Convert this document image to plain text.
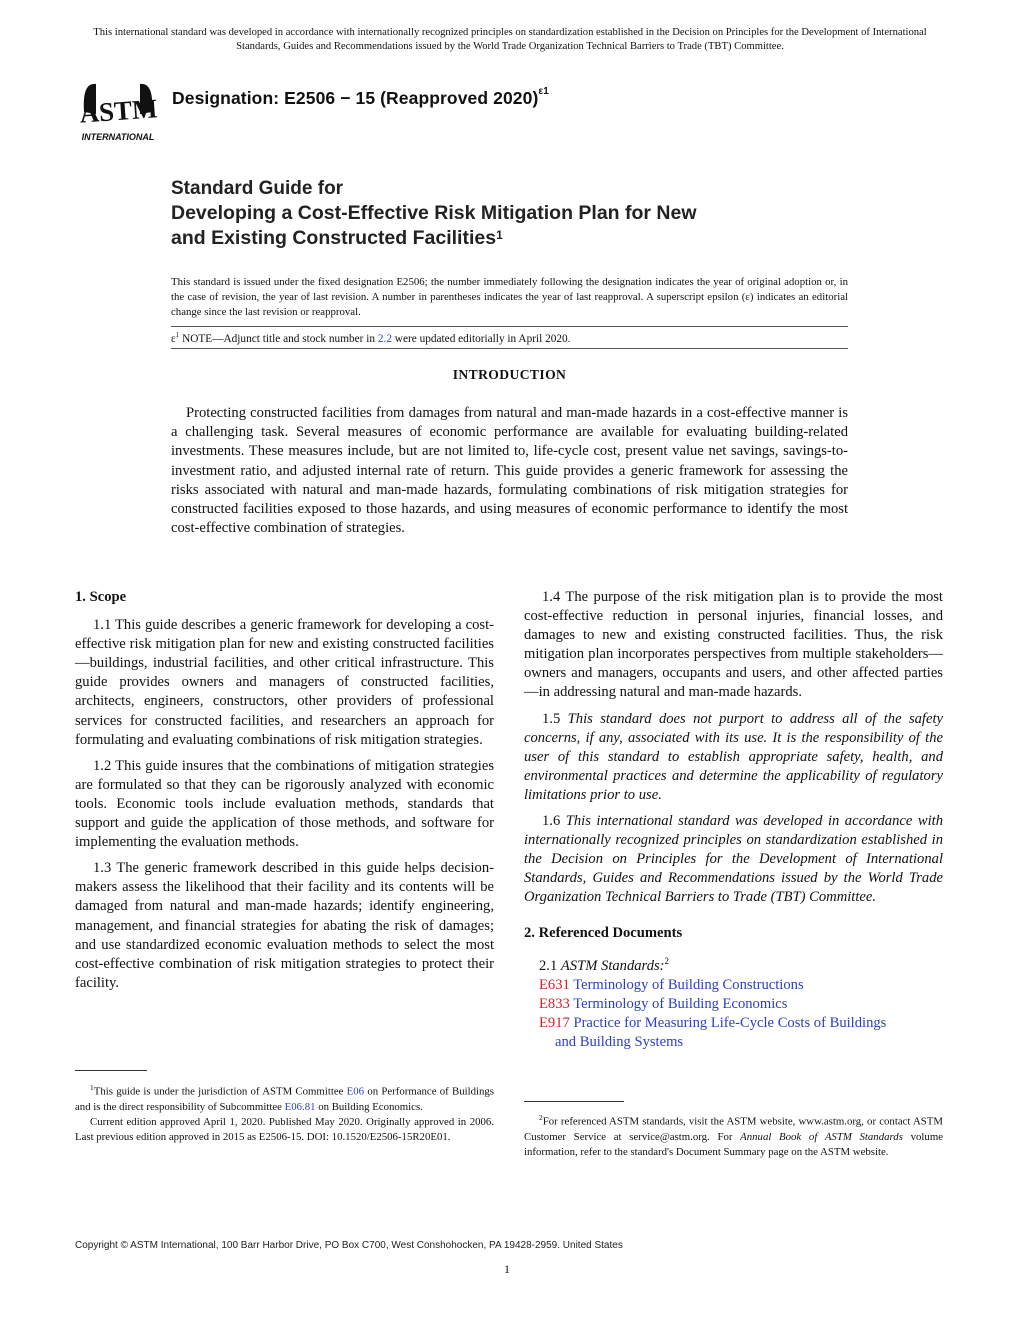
This international standard was developed in accordance with internationally recognized principles on standardization established in the Decision on Principles for the Development of International Standards, Guides and Recommendations issued by the World Trade Organization Technical Barriers to Trade (TBT) Committee.
ASTM
INTERNATIONAL
Designation: E2506 − 15 (Reapproved 2020)$^{\varepsilon 1}$
Standard Guide for
Developing a Cost-Effective Risk Mitigation Plan for New
and Existing Constructed Facilities$^1$
This standard is issued under the fixed designation E2506; the number immediately following the designation indicates the year of original adoption or, in the case of revision, the year of last revision. A number in parentheses indicates the year of last reapproval. A superscript epsilon (ε) indicates an editorial change since the last revision or reapproval.
$\varepsilon^1$ NOTE—Adjunct title and stock number in 2.2 were updated editorially in April 2020.
INTRODUCTION
Protecting constructed facilities from damages from natural and man-made hazards in a cost-effective manner is a challenging task. Several measures of economic performance are available for evaluating building-related investments. These measures include, but are not limited to, life-cycle cost, present value net savings, savings-to-investment ratio, and adjusted internal rate of return. This guide provides a generic framework for assessing the risks associated with natural and man-made hazards, formulating combinations of risk mitigation strategies for constructed facilities exposed to those hazards, and using measures of economic performance to identify the most cost-effective combination of strategies.
1. Scope

1.1 This guide describes a generic framework for developing a cost-effective risk mitigation plan for new and existing constructed facilities—buildings, industrial facilities, and other critical infrastructure. This guide provides owners and managers of constructed facilities, architects, engineers, constructors, other providers of professional services for constructed facilities, and researchers an approach for formulating and evaluating combinations of risk mitigation strategies.

1.2 This guide insures that the combinations of mitigation strategies are formulated so that they can be rigorously analyzed with economic tools. Economic tools include evaluation methods, standards that support and guide the application of those methods, and software for implementing the evaluation methods.

1.3 The generic framework described in this guide helps decision-makers assess the likelihood that their facility and its contents will be damaged from natural and man-made hazards; identify engineering, management, and financial strategies for abating the risk of damages; and use standardized economic evaluation methods to select the most cost-effective combination of risk mitigation strategies to protect their facility.

1.4 The purpose of the risk mitigation plan is to provide the most cost-effective reduction in personal injuries, financial losses, and damages to new and existing constructed facilities. Thus, the risk mitigation plan incorporates perspectives from multiple stakeholders—owners and managers, occupants and users, and other affected parties—in addressing natural and man-made hazards.

1.5 This standard does not purport to address all of the safety concerns, if any, associated with its use. It is the responsibility of the user of this standard to establish appropriate safety, health, and environmental practices and determine the applicability of regulatory limitations prior to use.

1.6 This international standard was developed in accordance with internationally recognized principles on standardization established in the Decision on Principles for the Development of International Standards, Guides and Recommendations issued by the World Trade Organization Technical Barriers to Trade (TBT) Committee.

2. Referenced Documents
2.1 ASTM Standards:$^2$
E631 Terminology of Building Constructions
E833 Terminology of Building Economics
E917 Practice for Measuring Life-Cycle Costs of Buildings
and Building Systems

$^1$This guide is under the jurisdiction of ASTM Committee E06 on Performance of Buildings and is the direct responsibility of Subcommittee E06.81 on Building Economics.

Current edition approved April 1, 2020. Published May 2020. Originally approved in 2006. Last previous edition approved in 2015 as E2506-15. DOI: 10.1520/E2506-15R20E01.

$^2$For referenced ASTM standards, visit the ASTM website, www.astm.org, or contact ASTM Customer Service at service@astm.org. For Annual Book of ASTM Standards volume information, refer to the standard's Document Summary page on the ASTM website.

Copyright © ASTM International, 100 Barr Harbor Drive, PO Box C700, West Conshohocken, PA 19428-2959. United States
1
